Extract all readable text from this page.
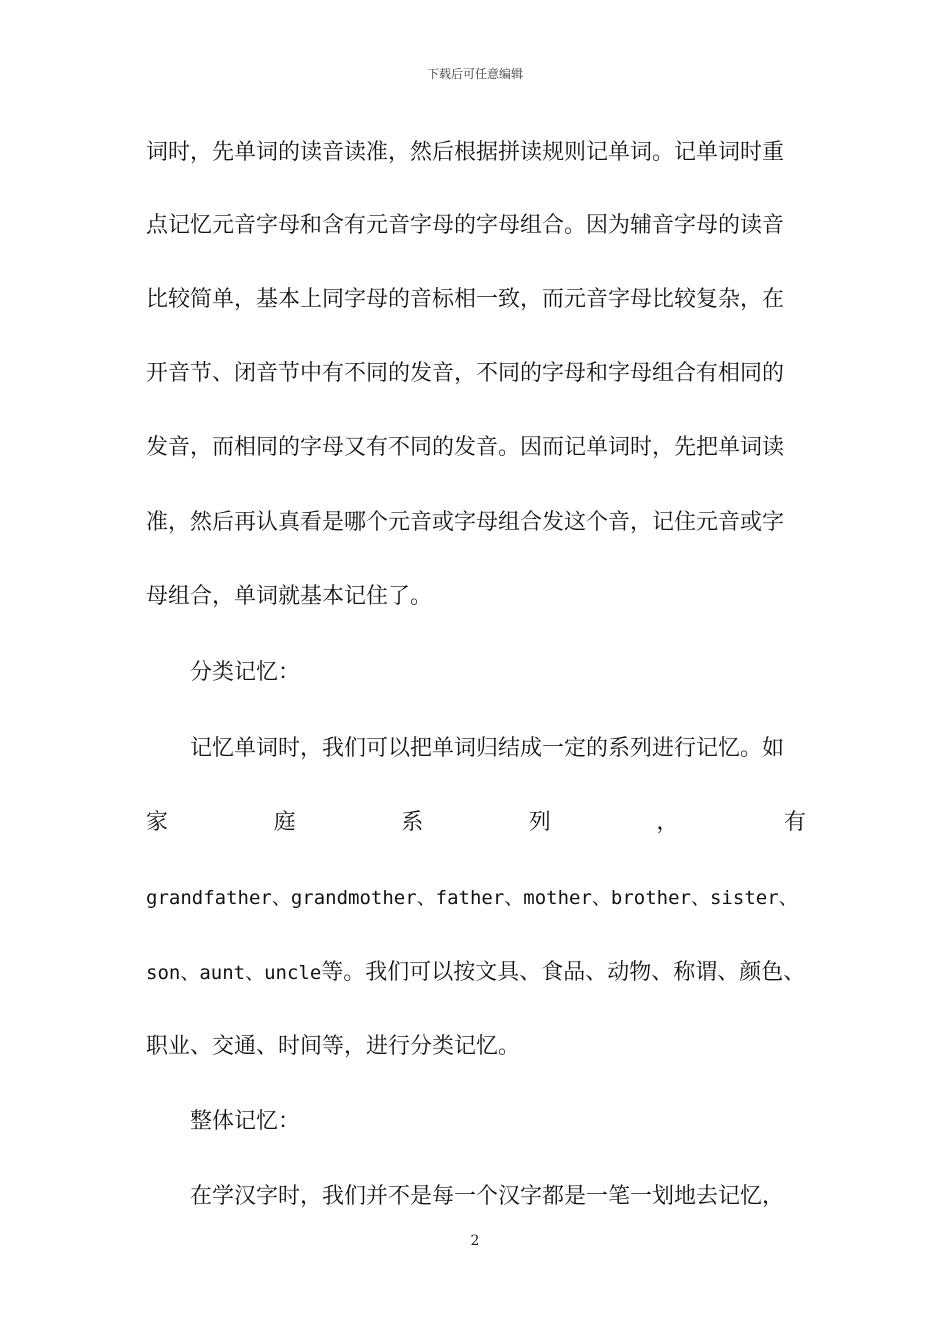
下载后可任意编辑
词时，先单词的读音读准，然后根据拼读规则记单词。记单词时重
点记忆元音字母和含有元音字母的字母组合。因为辅音字母的读音
比较简单，基本上同字母的音标相一致，而元音字母比较复杂，在
开音节、闭音节中有不同的发音，不同的字母和字母组合有相同的
发音，而相同的字母又有不同的发音。因而记单词时，先把单词读
准，然后再认真看是哪个元音或字母组合发这个音，记住元音或字
母组合，单词就基本记住了。
分类记忆：
记忆单词时，我们可以把单词归结成一定的系列进行记忆。如
家	庭	系	列	，	有
grandfather、grandmother、father、mother、brother、sister、
son、aunt、uncle等。我们可以按文具、食品、动物、称谓、颜色、
职业、交通、时间等，进行分类记忆。
整体记忆：
在学汉字时，我们并不是每一个汉字都是一笔一划地去记忆，
2
